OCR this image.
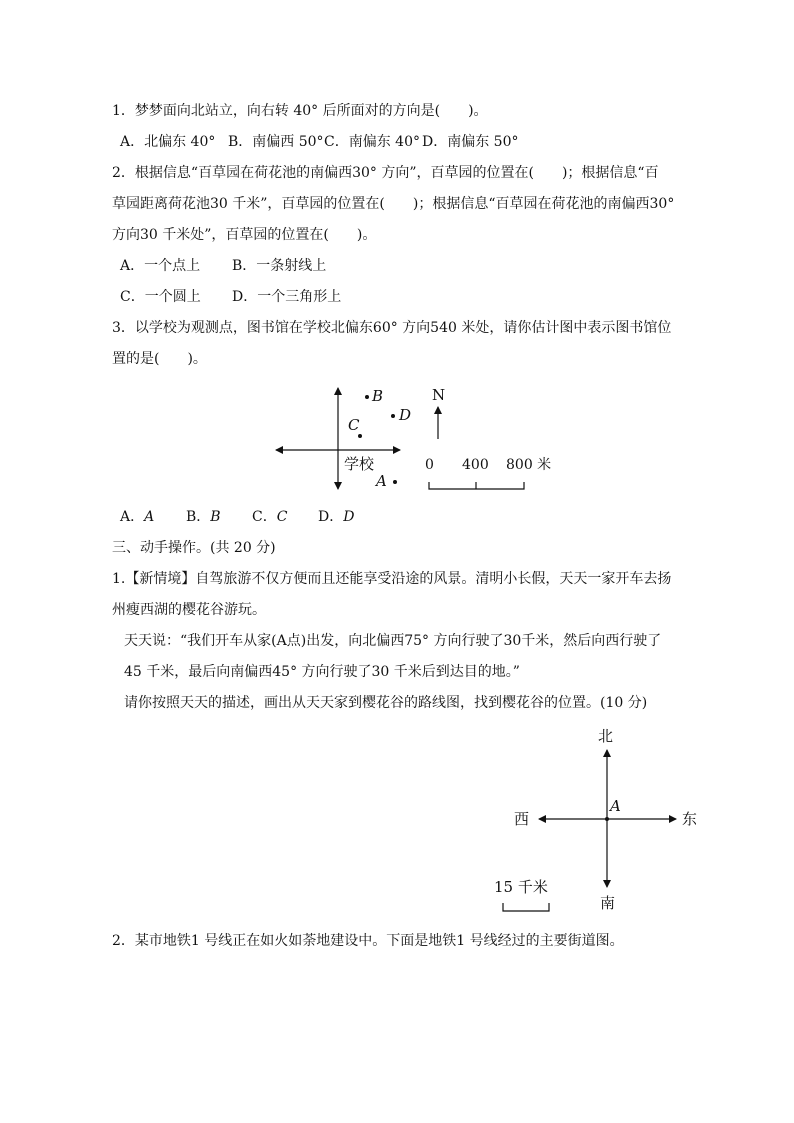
1．梦梦面向北站立，向右转 40° 后所面对的方向是(　　)。
A．北偏东 40° B．南偏西 50°C．南偏东 40° D．南偏东 50°
2．根据信息“百草园在荷花池的南偏西30° 方向”，百草园的位置在(　　)；根据信息“百
草园距离荷花池30 千米”，百草园的位置在(　　)；根据信息“百草园在荷花池的南偏西30°
方向30 千米处”，百草园的位置在(　　)。
A．一个点上 B．一条射线上
C．一个圆上 D．一个三角形上
3．以学校为观测点，图书馆在学校北偏东60° 方向540 米处，请你估计图中表示图书馆位
置的是(　　)。
B
D
C
A
学校
N
0 400 800 米
A．A B．B C．C D．D
三、动手操作。(共 20 分)
1.【新情境】自驾旅游不仅方便而且还能享受沿途的风景。清明小长假，天天一家开车去扬
州瘦西湖的樱花谷游玩。
天天说：“我们开车从家(A点)出发，向北偏西75° 方向行驶了30千米，然后向西行驶了
45 千米，最后向南偏西45° 方向行驶了30 千米后到达目的地。”
请你按照天天的描述，画出从天天家到樱花谷的路线图，找到樱花谷的位置。(10 分)
北
A
西	东
南
15 千米
2．某市地铁1 号线正在如火如荼地建设中。下面是地铁1 号线经过的主要街道图。
